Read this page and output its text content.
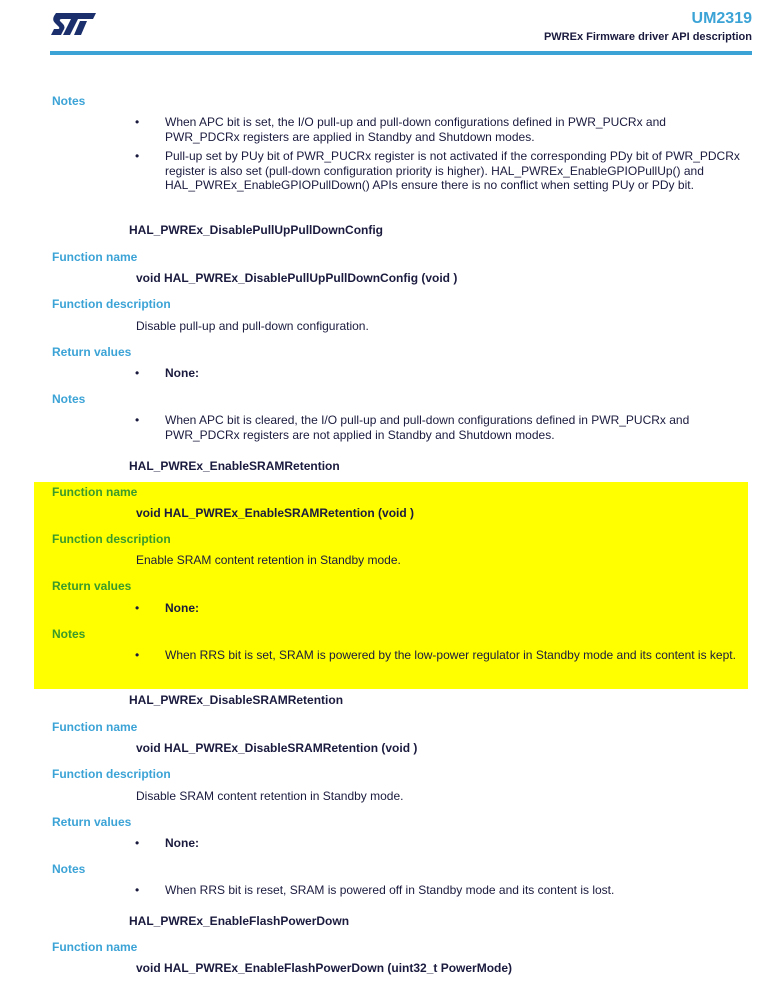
UM2319
PWREx Firmware driver API description
Notes
• When APC bit is set, the I/O pull-up and pull-down configurations defined in PWR_PUCRx and PWR_PDCRx registers are applied in Standby and Shutdown modes.
• Pull-up set by PUy bit of PWR_PUCRx register is not activated if the corresponding PDy bit of PWR_PDCRx register is also set (pull-down configuration priority is higher). HAL_PWREx_EnableGPIOPullUp() and HAL_PWREx_EnableGPIOPullDown() APIs ensure there is no conflict when setting PUy or PDy bit.
HAL_PWREx_DisablePullUpPullDownConfig
Function name
void HAL_PWREx_DisablePullUpPullDownConfig (void )
Function description
Disable pull-up and pull-down configuration.
Return values
• None:
Notes
• When APC bit is cleared, the I/O pull-up and pull-down configurations defined in PWR_PUCRx and PWR_PDCRx registers are not applied in Standby and Shutdown modes.
HAL_PWREx_EnableSRAMRetention
Function name
void HAL_PWREx_EnableSRAMRetention (void )
Function description
Enable SRAM content retention in Standby mode.
Return values
• None:
Notes
• When RRS bit is set, SRAM is powered by the low-power regulator in Standby mode and its content is kept.
HAL_PWREx_DisableSRAMRetention
Function name
void HAL_PWREx_DisableSRAMRetention (void )
Function description
Disable SRAM content retention in Standby mode.
Return values
• None:
Notes
• When RRS bit is reset, SRAM is powered off in Standby mode and its content is lost.
HAL_PWREx_EnableFlashPowerDown
Function name
void HAL_PWREx_EnableFlashPowerDown (uint32_t PowerMode)
